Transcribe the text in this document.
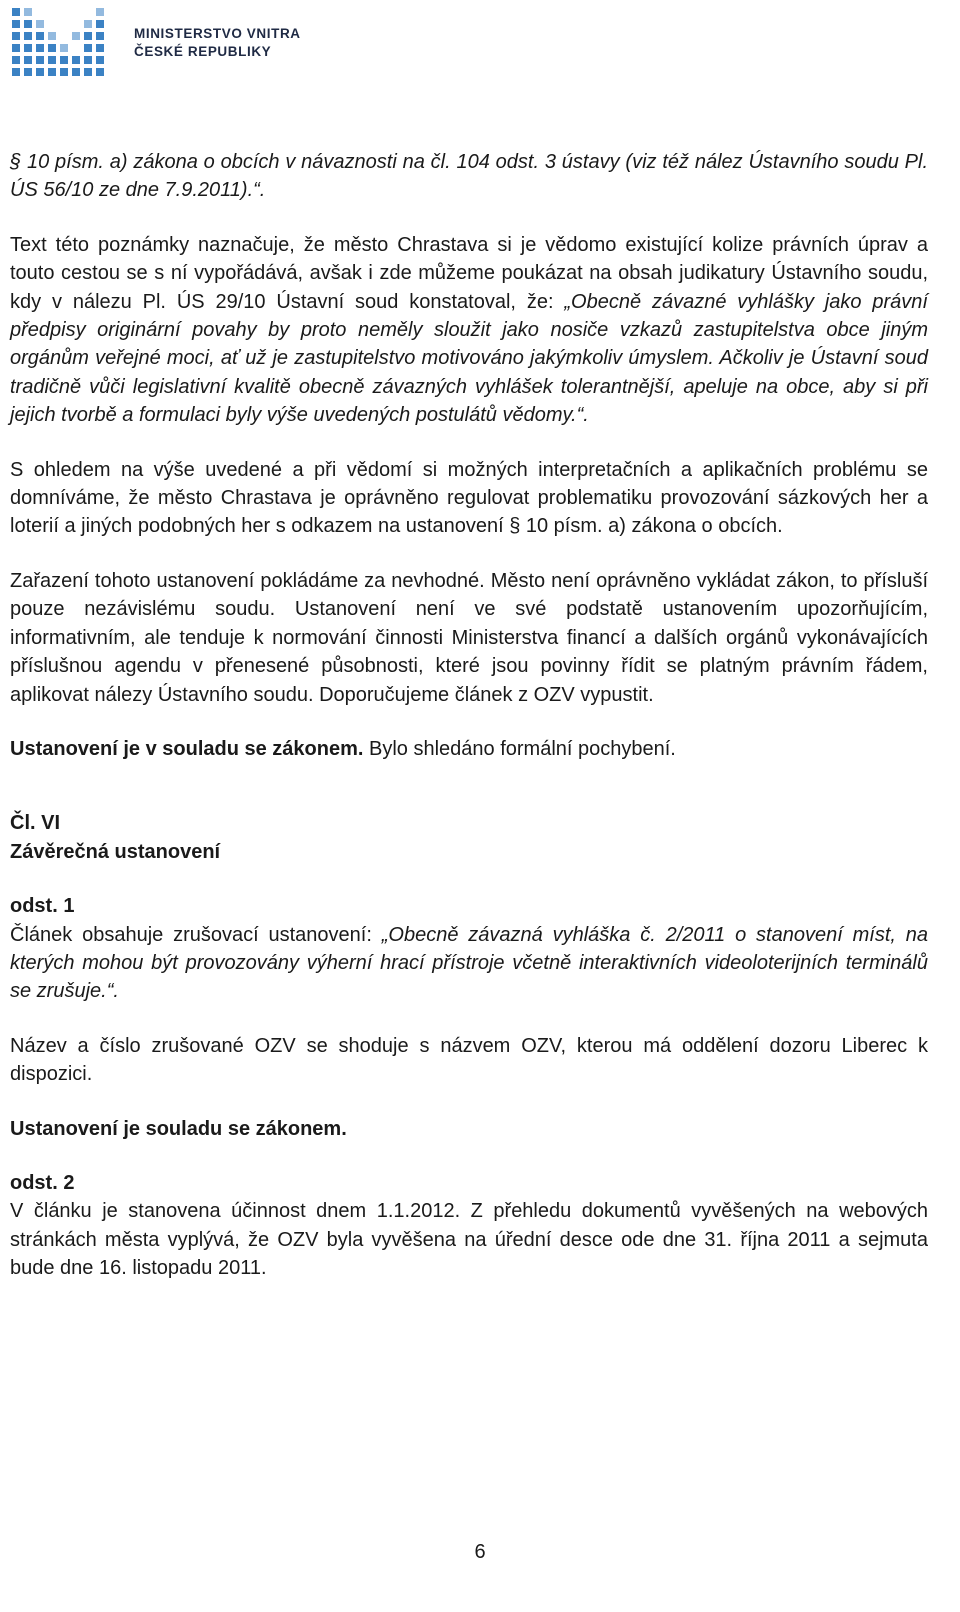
MINISTERSTVO VNITRA
ČESKÉ REPUBLIKY

§ 10 písm. a) zákona o obcích v návaznosti na čl. 104 odst. 3 ústavy (viz též nález Ústavního soudu Pl. ÚS 56/10 ze dne 7.9.2011).“.

Text této poznámky naznačuje, že město Chrastava si je vědomo existující kolize právních úprav a touto cestou se s ní vypořádává, avšak i zde můžeme poukázat na obsah judikatury Ústavního soudu, kdy v nálezu Pl. ÚS 29/10 Ústavní soud konstatoval, že: „Obecně závazné vyhlášky jako právní předpisy originární povahy by proto neměly sloužit jako nosiče vzkazů zastupitelstva obce jiným orgánům veřejné moci, ať už je zastupitelstvo motivováno jakýmkoliv úmyslem. Ačkoliv je Ústavní soud tradičně vůči legislativní kvalitě obecně závazných vyhlášek tolerantnější, apeluje na obce, aby si při jejich tvorbě a formulaci byly výše uvedených postulátů vědomy.“.

S ohledem na výše uvedené a při vědomí si možných interpretačních a aplikačních problému se domníváme, že město Chrastava je oprávněno regulovat problematiku provozování sázkových her a loterií a jiných podobných her s odkazem na ustanovení § 10 písm. a) zákona o obcích.

Zařazení tohoto ustanovení pokládáme za nevhodné. Město není oprávněno vykládat zákon, to přísluší pouze nezávislému soudu. Ustanovení není ve své podstatě ustanovením upozorňujícím, informativním, ale tenduje k normování činnosti Ministerstva financí a dalších orgánů vykonávajících příslušnou agendu v přenesené působnosti, které jsou povinny řídit se platným právním řádem, aplikovat nálezy Ústavního soudu. Doporučujeme článek z OZV vypustit.

Ustanovení je v souladu se zákonem. Bylo shledáno formální pochybení.

Čl. VI

Závěrečná ustanovení

odst. 1

Článek obsahuje zrušovací ustanovení: „Obecně závazná vyhláška č. 2/2011 o stanovení míst, na kterých mohou být provozovány výherní hrací přístroje včetně interaktivních videoloterijních terminálů se zrušuje.“.

Název a číslo zrušované OZV se shoduje s názvem OZV, kterou má oddělení dozoru Liberec k dispozici.

Ustanovení je souladu se zákonem.

odst. 2

V článku je stanovena účinnost dnem 1.1.2012. Z přehledu dokumentů vyvěšených na webových stránkách města vyplývá, že OZV byla vyvěšena na úřední desce ode dne 31. října 2011 a sejmuta bude dne 16. listopadu 2011.

6
